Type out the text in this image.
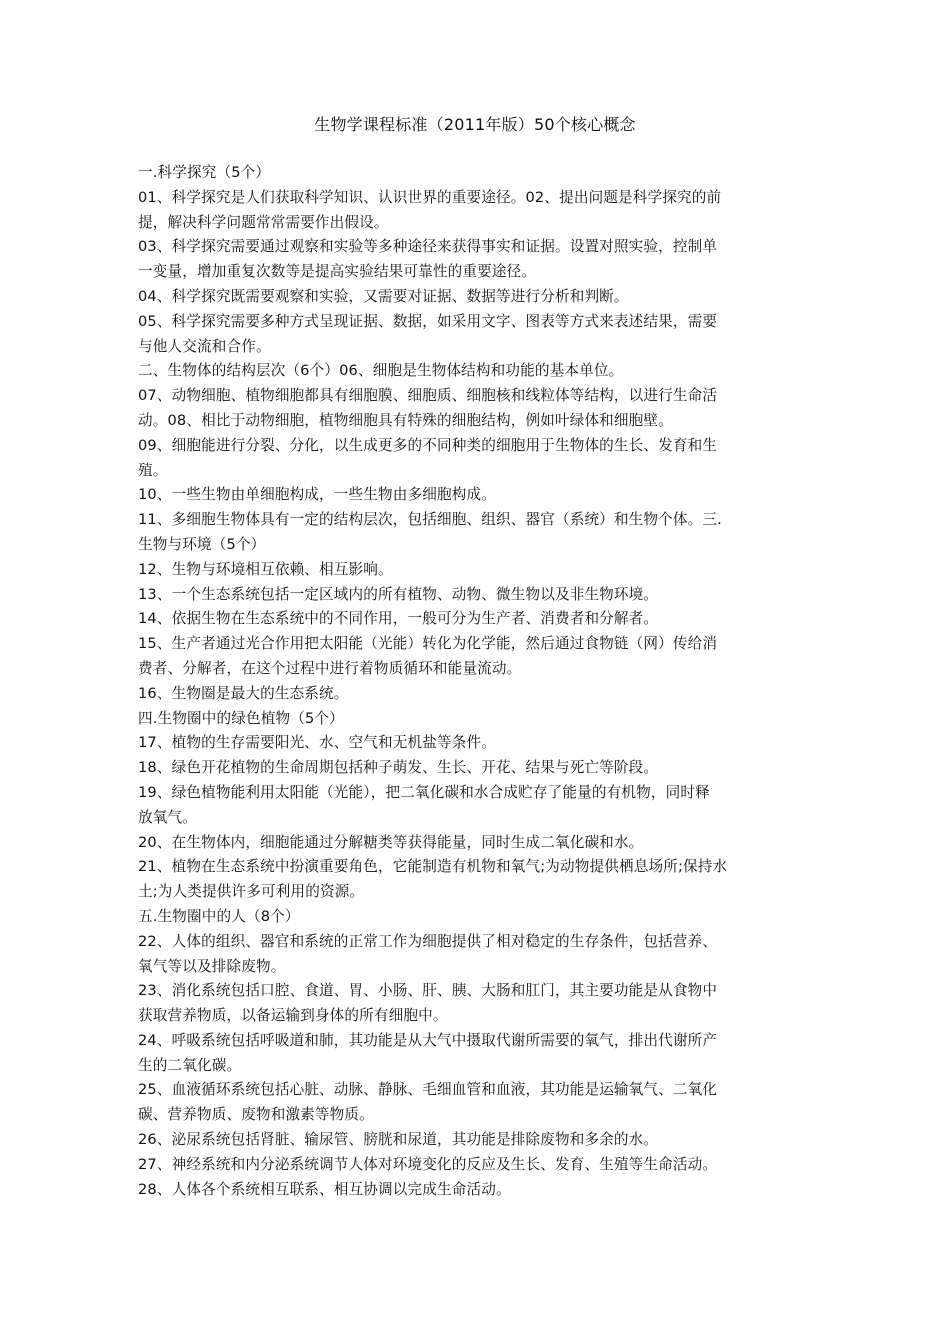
生物学课程标准（2011年版）50个核心概念
一.科学探究（5个）
01、科学探究是人们获取科学知识、认识世界的重要途径。02、提出问题是科学探究的前
提，解决科学问题常常需要作出假设。
03、科学探究需要通过观察和实验等多种途径来获得事实和证据。设置对照实验，控制单
一变量，增加重复次数等是提高实验结果可靠性的重要途径。
04、科学探究既需要观察和实验，又需要对证据、数据等进行分析和判断。
05、科学探究需要多种方式呈现证据、数据，如采用文字、图表等方式来表述结果，需要
与他人交流和合作。
二、生物体的结构层次（6个）06、细胞是生物体结构和功能的基本单位。
07、动物细胞、植物细胞都具有细胞膜、细胞质、细胞核和线粒体等结构，以进行生命活
动。08、相比于动物细胞，植物细胞具有特殊的细胞结构，例如叶绿体和细胞壁。
09、细胞能进行分裂、分化，以生成更多的不同种类的细胞用于生物体的生长、发育和生
殖。
10、一些生物由单细胞构成，一些生物由多细胞构成。
11、多细胞生物体具有一定的结构层次，包括细胞、组织、器官（系统）和生物个体。三.
生物与环境（5个）
12、生物与环境相互依赖、相互影响。
13、一个生态系统包括一定区域内的所有植物、动物、微生物以及非生物环境。
14、依据生物在生态系统中的不同作用，一般可分为生产者、消费者和分解者。
15、生产者通过光合作用把太阳能（光能）转化为化学能，然后通过食物链（网）传给消
费者、分解者，在这个过程中进行着物质循环和能量流动。
16、生物圈是最大的生态系统。
四.生物圈中的绿色植物（5个）
17、植物的生存需要阳光、水、空气和无机盐等条件。
18、绿色开花植物的生命周期包括种子萌发、生长、开花、结果与死亡等阶段。
19、绿色植物能利用太阳能（光能），把二氧化碳和水合成贮存了能量的有机物，同时释
放氧气。
20、在生物体内，细胞能通过分解糖类等获得能量，同时生成二氧化碳和水。
21、植物在生态系统中扮演重要角色，它能制造有机物和氧气;为动物提供栖息场所;保持水
土;为人类提供许多可利用的资源。
五.生物圈中的人（8个）
22、人体的组织、器官和系统的正常工作为细胞提供了相对稳定的生存条件，包括营养、
氧气等以及排除废物。
23、消化系统包括口腔、食道、胃、小肠、肝、胰、大肠和肛门，其主要功能是从食物中
获取营养物质，以备运输到身体的所有细胞中。
24、呼吸系统包括呼吸道和肺，其功能是从大气中摄取代谢所需要的氧气，排出代谢所产
生的二氧化碳。
25、血液循环系统包括心脏、动脉、静脉、毛细血管和血液，其功能是运输氧气、二氧化
碳、营养物质、废物和激素等物质。
26、泌尿系统包括肾脏、输尿管、膀胱和尿道，其功能是排除废物和多余的水。
27、神经系统和内分泌系统调节人体对环境变化的反应及生长、发育、生殖等生命活动。
28、人体各个系统相互联系、相互协调以完成生命活动。
